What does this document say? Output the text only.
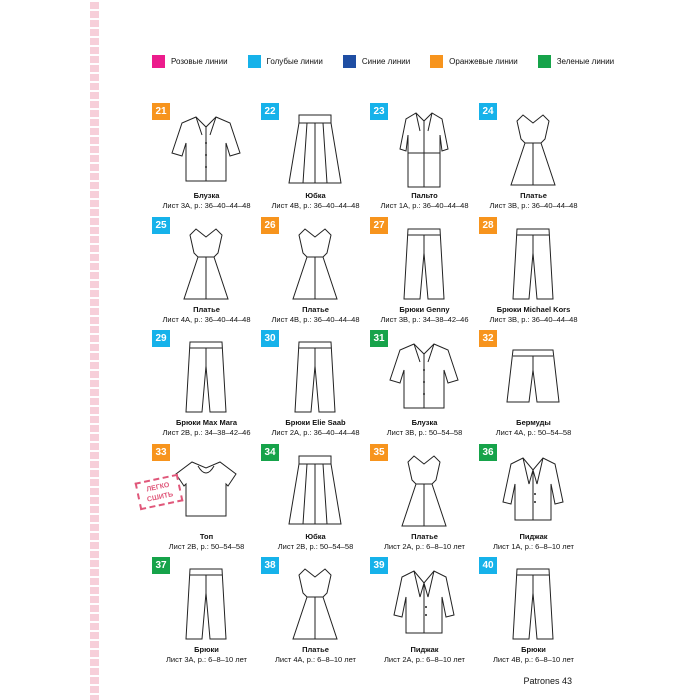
Розовые линии	Голубые линии	Синие линии	Оранжевые линии	Зеленые линии
21
Блузка
Лист 3А, р.: 36–40–44–48
22
Юбка
Лист 4B, р.: 36–40–44–48
23
Пальто
Лист 1А, р.: 36–40–44–48
24
Платье
Лист 3B, р.: 36–40–44–48
25
Платье
Лист 4А, р.: 36–40–44–48
26
Платье
Лист 4B, р.: 36–40–44–48
27
Брюки Genny
Лист 3B, р.: 34–38–42–46
28
Брюки Michael Kors
Лист 3B, р.: 36–40–44–48
29
Брюки Max Mara
Лист 2B, р.: 34–38–42–46
30
Брюки Elie Saab
Лист 2А, р.: 36–40–44–48
31
Блузка
Лист 3B, р.: 50–54–58
32
Бермуды
Лист 4А, р.: 50–54–58
33
Топ
Лист 2B, р.: 50–54–58
34
Юбка
Лист 2B, р.: 50–54–58
35
Платье
Лист 2А, р.: 6–8–10 лет
36
Пиджак
Лист 1А, р.: 6–8–10 лет
37
Брюки
Лист 3А, р.: 6–8–10 лет
38
Платье
Лист 4А, р.: 6–8–10 лет
39
Пиджак
Лист 2А, р.: 6–8–10 лет
40
Брюки
Лист 4B, р.: 6–8–10 лет
ЛЕГКО
СШИТЬ
Patrones 43
